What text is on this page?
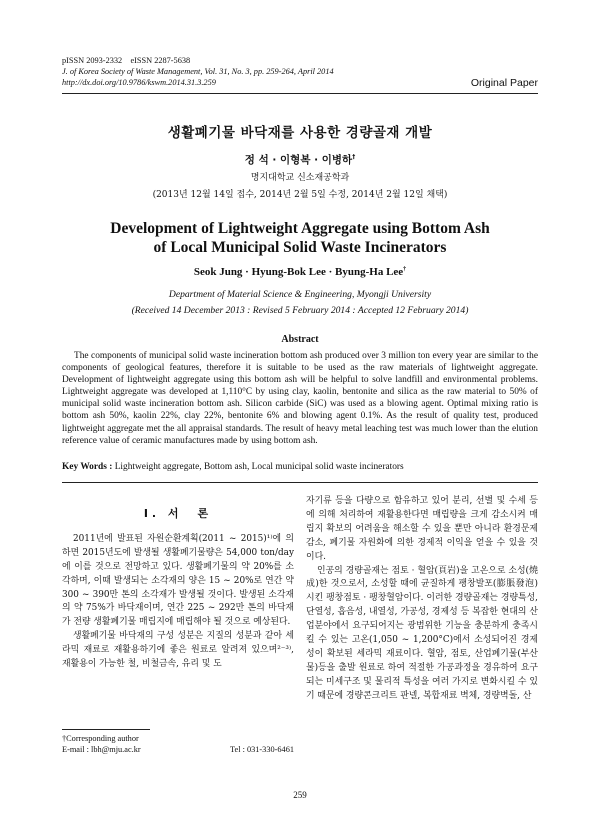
pISSN 2093-2332 eISSN 2287-5638
J. of Korea Society of Waste Management, Vol. 31, No. 3, pp. 259-264, April 2014
http://dx.doi.org/10.9786/kswm.2014.31.3.259	Original Paper
생활폐기물 바닥재를 사용한 경량골재 개발
정 석 · 이형복 · 이병하†
명지대학교 신소재공학과
(2013년 12월 14일 접수, 2014년 2월 5일 수정, 2014년 2월 12일 채택)
Development of Lightweight Aggregate using Bottom Ash
of Local Municipal Solid Waste Incinerators
Seok Jung · Hyung-Bok Lee · Byung-Ha Lee†
Department of Material Science & Engineering, Myongji University
(Received 14 December 2013 : Revised 5 February 2014 : Accepted 12 February 2014)
Abstract

The components of municipal solid waste incineration bottom ash produced over 3 million ton every year are similar to the components of geological features, therefore it is suitable to be used as the raw materials of lightweight aggregate. Development of lightweight aggregate using this bottom ash will be helpful to solve landfill and environmental problems. Lightweight aggregate was developed at 1,110°C by using clay, kaolin, bentonite and silica as the raw material to 50% of municipal solid waste incineration bottom ash. Silicon carbide (SiC) was used as a blowing agent. Optimal mixing ratio is bottom ash 50%, kaolin 22%, clay 22%, bentonite 6% and blowing agent 0.1%. As the result of quality test, produced lightweight aggregate met the all appraisal standards. The result of heavy metal leaching test was much lower than the elution reference value of ceramic manufactures made by using bottom ash.

Key Words : Lightweight aggregate, Bottom ash, Local municipal solid waste incinerators
I. 서　론

2011년에 발표된 자원순환계획(2011 ~ 2015)¹⁾에 의하면 2015년도에 발생될 생활폐기물량은 54,000 ton/day에 이를 것으로 전망하고 있다. 생활폐기물의 약 20%를 소각하며, 이때 발생되는 소각재의 양은 15 ~ 20%로 연간 약 300 ~ 390만 톤의 소각재가 발생될 것이다. 발생된 소각재의 약 75%가 바닥재이며, 연간 225 ~ 292만 톤의 바닥재가 전량 생활폐기물 매립지에 매립해야 될 것으로 예상된다.

생활폐기물 바닥재의 구성 성분은 지질의 성분과 같아 세라믹 재료로 재활용하기에 좋은 원료로 알려져 있으며²⁻³⁾, 재활용이 가능한 철, 비철금속, 유리 및 도

자기류 등을 다량으로 함유하고 있어 분리, 선별 및 수세 등에 의해 처리하여 재활용한다면 매립량을 크게 감소시켜 매립지 확보의 어려움을 해소할 수 있을 뿐만 아니라 환경문제 감소, 폐기물 자원화에 의한 경제적 이익을 얻을 수 있을 것이다.

인공의 경량골재는 점토 · 혈암(頁岩)을 고온으로 소성(燒成)한 것으로서, 소성할 때에 균질하게 팽창발포(膨脹發泡)시킨 팽창점토 · 팽창혈암이다. 이러한 경량골재는 경량특성, 단열성, 흡음성, 내열성, 가공성, 경제성 등 복잡한 현대의 산업분야에서 요구되어지는 광범위한 기능을 충분하게 충족시킬 수 있는 고온(1,050 ~ 1,200°C)에서 소성되어진 경제성이 확보된 세라믹 재료이다. 혈암, 점토, 산업폐기물(부산물)등을 출발 원료로 하여 적절한 가공과정을 경유하여 요구되는 미세구조 및 물리적 특성을 여러 가지로 변화시킬 수 있기 때문에 경량콘크리트 판넬, 복합재료 벽체, 경량벽돌, 산

†Corresponding author
E-mail : lbh@mju.ac.kr	Tel : 031-330-6461
259
